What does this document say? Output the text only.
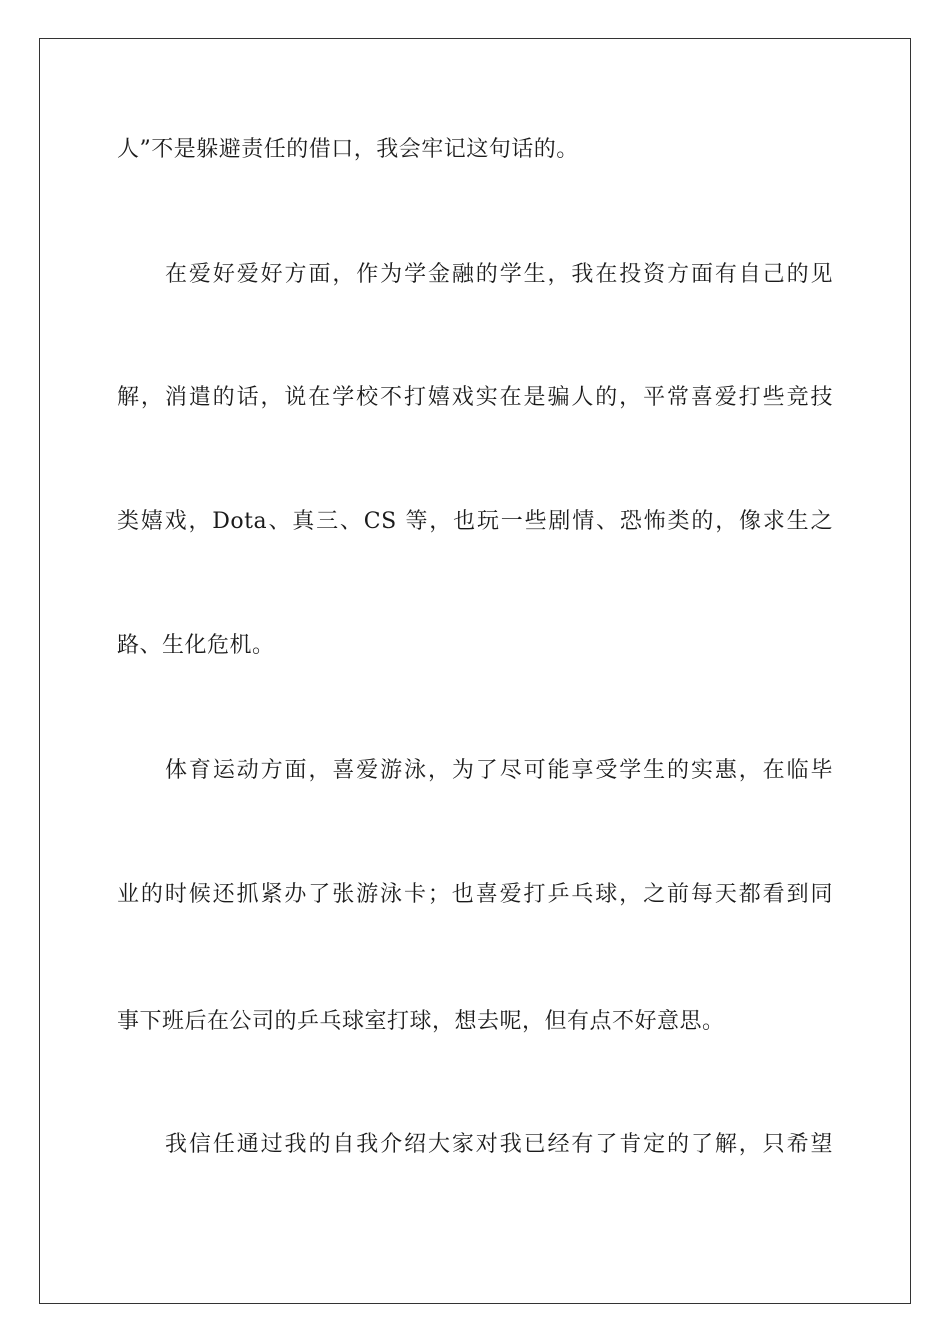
人”不是躲避责任的借口，我会牢记这句话的。
在爱好爱好方面，作为学金融的学生，我在投资方面有自己的见
解，消遣的话，说在学校不打嬉戏实在是骗人的，平常喜爱打些竞技
类嬉戏，Dota、真三、CS 等，也玩一些剧情、恐怖类的，像求生之
路、生化危机。
体育运动方面，喜爱游泳，为了尽可能享受学生的实惠，在临毕
业的时候还抓紧办了张游泳卡；也喜爱打乒乓球，之前每天都看到同
事下班后在公司的乒乓球室打球，想去呢，但有点不好意思。
我信任通过我的自我介绍大家对我已经有了肯定的了解，只希望
